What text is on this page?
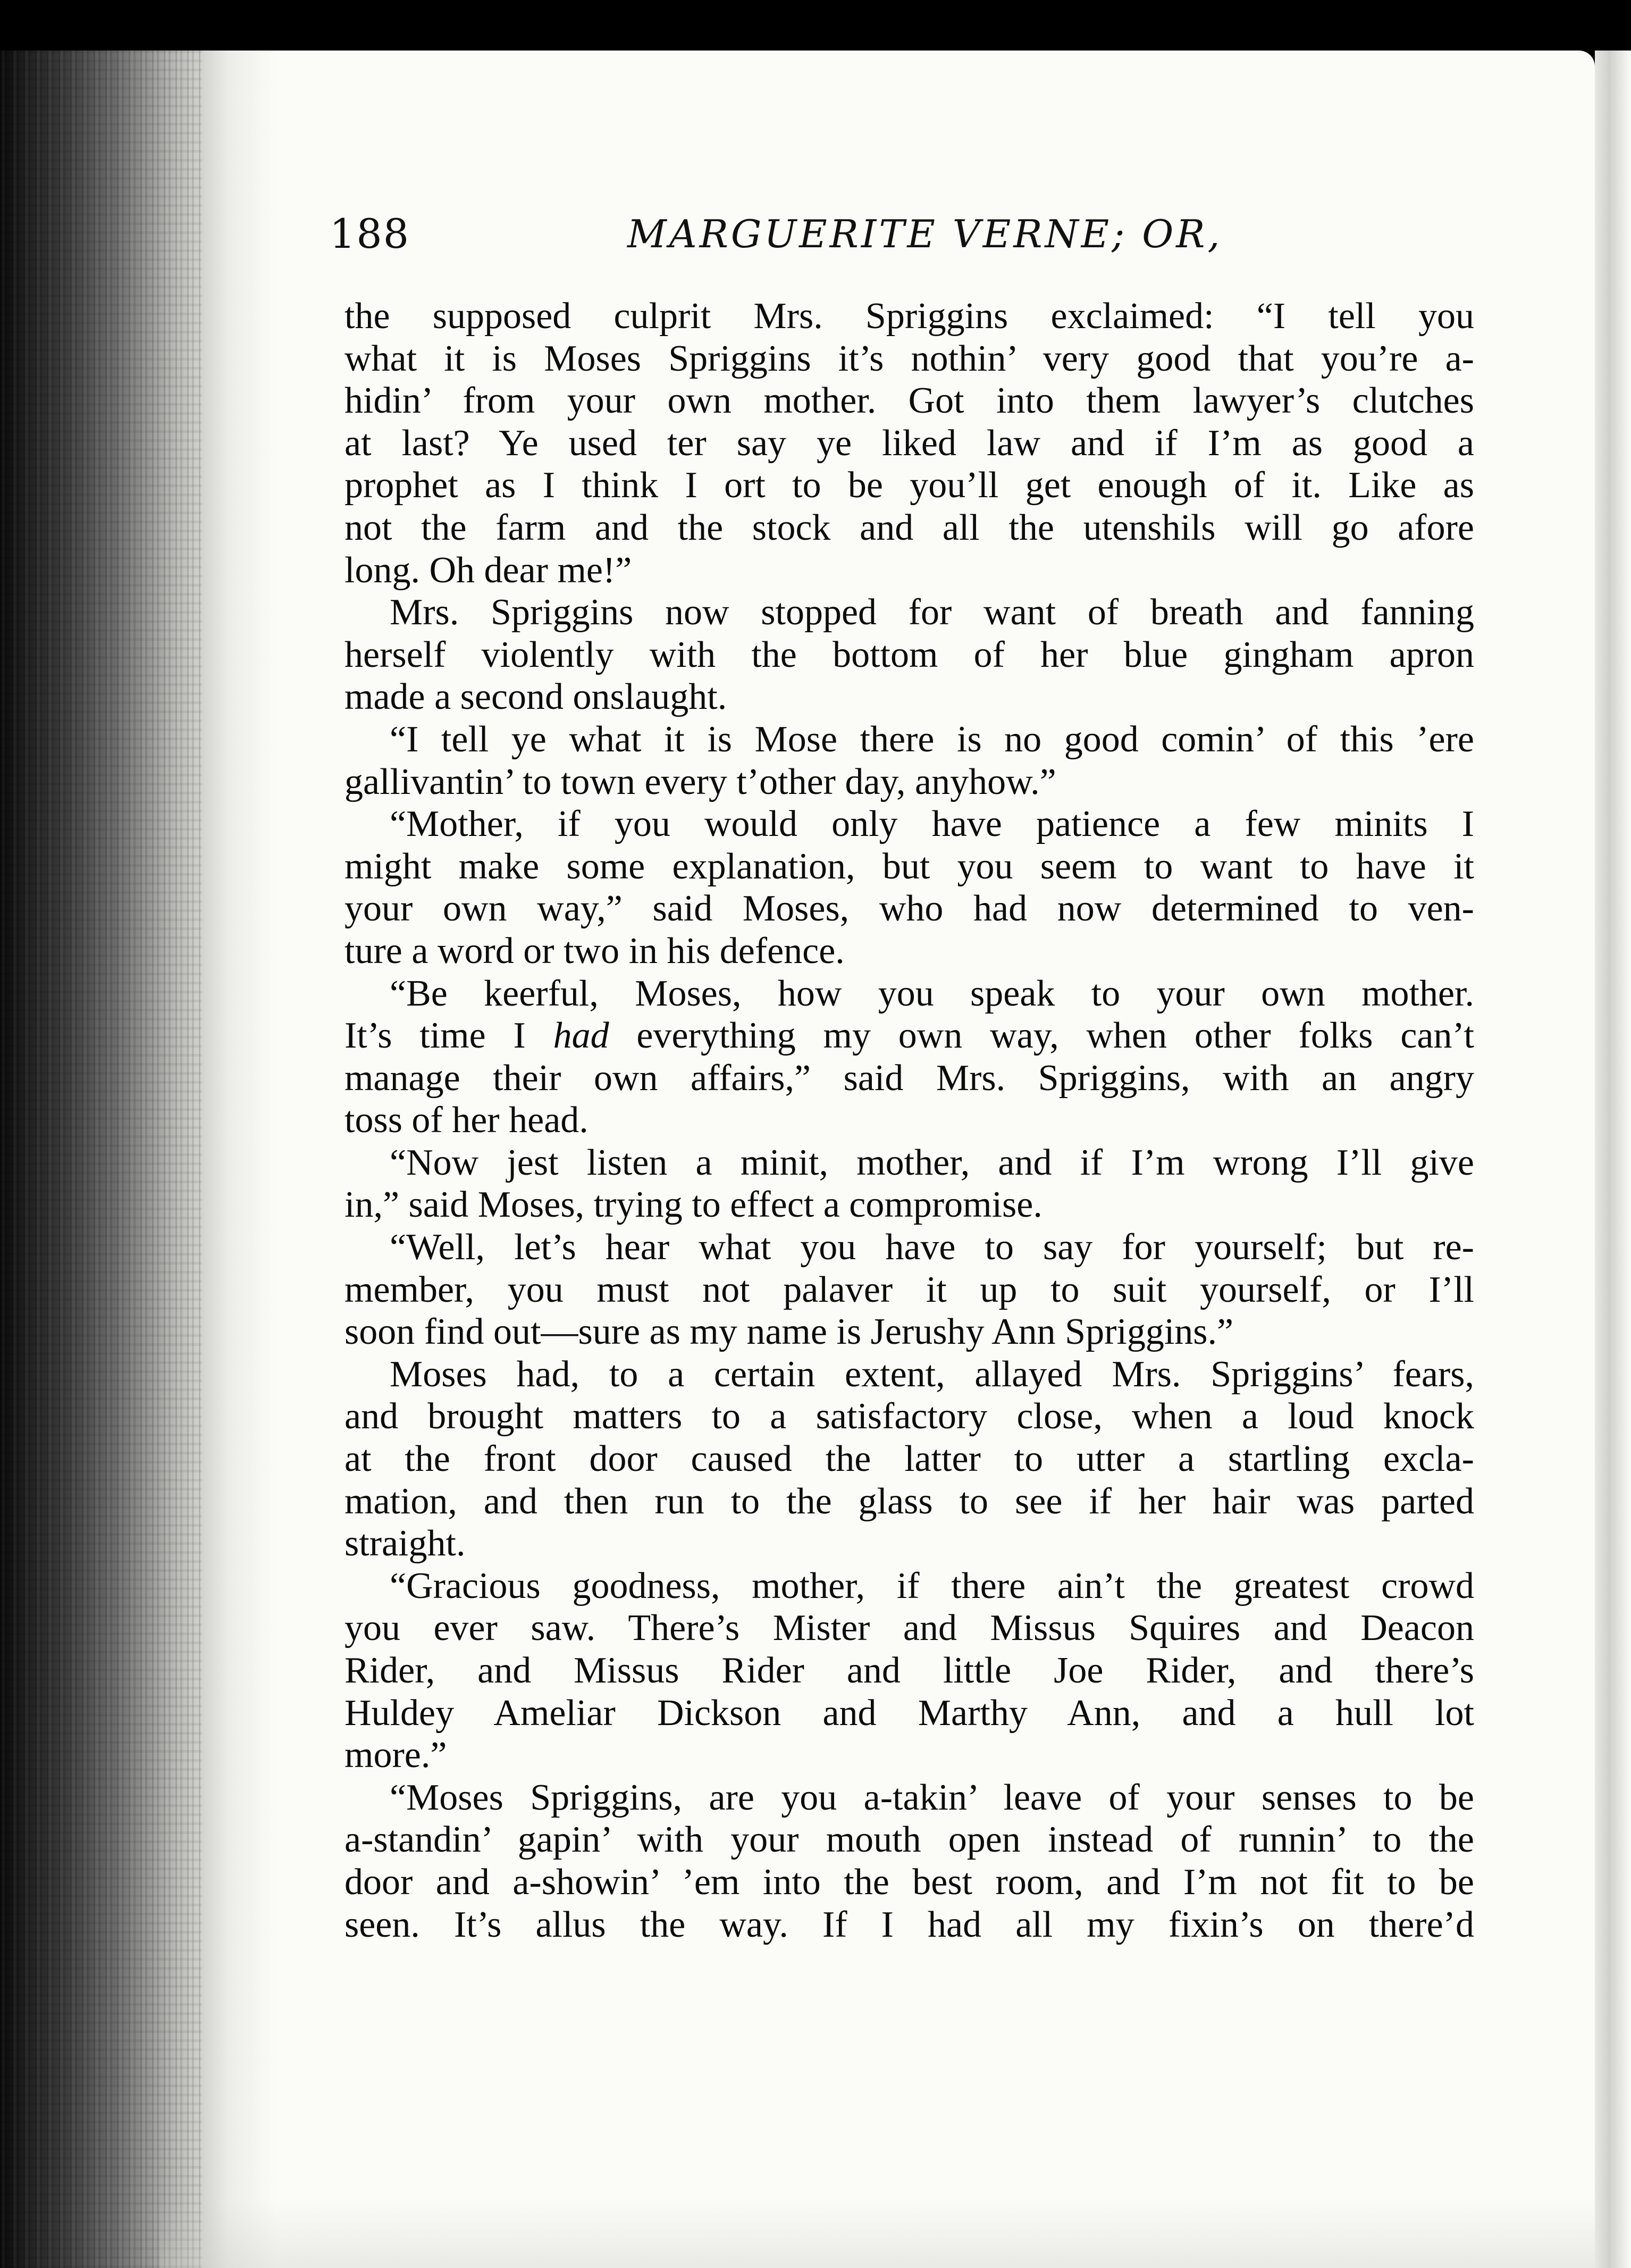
188	MARGUERITE VERNE; OR,

the supposed culprit Mrs. Spriggins exclaimed: “I tell you
what it is Moses Spriggins it’s nothin’ very good that you’re a-
hidin’ from your own mother. Got into them lawyer’s clutches
at last? Ye used ter say ye liked law and if I’m as good a
prophet as I think I ort to be you’ll get enough of it. Like as
not the farm and the stock and all the utenshils will go afore
long. Oh dear me!”

Mrs. Spriggins now stopped for want of breath and fanning
herself violently with the bottom of her blue gingham apron
made a second onslaught.

“I tell ye what it is Mose there is no good comin’ of this ’ere
gallivantin’ to town every t’other day, anyhow.”

“Mother, if you would only have patience a few minits I
might make some explanation, but you seem to want to have it
your own way,” said Moses, who had now determined to ven-
ture a word or two in his defence.

“Be keerful, Moses, how you speak to your own mother.
It’s time I had everything my own way, when other folks can’t
manage their own affairs,” said Mrs. Spriggins, with an angry
toss of her head.

“Now jest listen a minit, mother, and if I’m wrong I’ll give
in,” said Moses, trying to effect a compromise.

“Well, let’s hear what you have to say for yourself; but re-
member, you must not palaver it up to suit yourself, or I’ll
soon find out—sure as my name is Jerushy Ann Spriggins.”

Moses had, to a certain extent, allayed Mrs. Spriggins’ fears,
and brought matters to a satisfactory close, when a loud knock
at the front door caused the latter to utter a startling excla-
mation, and then run to the glass to see if her hair was parted
straight.

“Gracious goodness, mother, if there ain’t the greatest crowd
you ever saw. There’s Mister and Missus Squires and Deacon
Rider, and Missus Rider and little Joe Rider, and there’s
Huldey Ameliar Dickson and Marthy Ann, and a hull lot
more.”

“Moses Spriggins, are you a-takin’ leave of your senses to be
a-standin’ gapin’ with your mouth open instead of runnin’ to the
door and a-showin’ ’em into the best room, and I’m not fit to be
seen. It’s allus the way. If I had all my fixin’s on there’d
